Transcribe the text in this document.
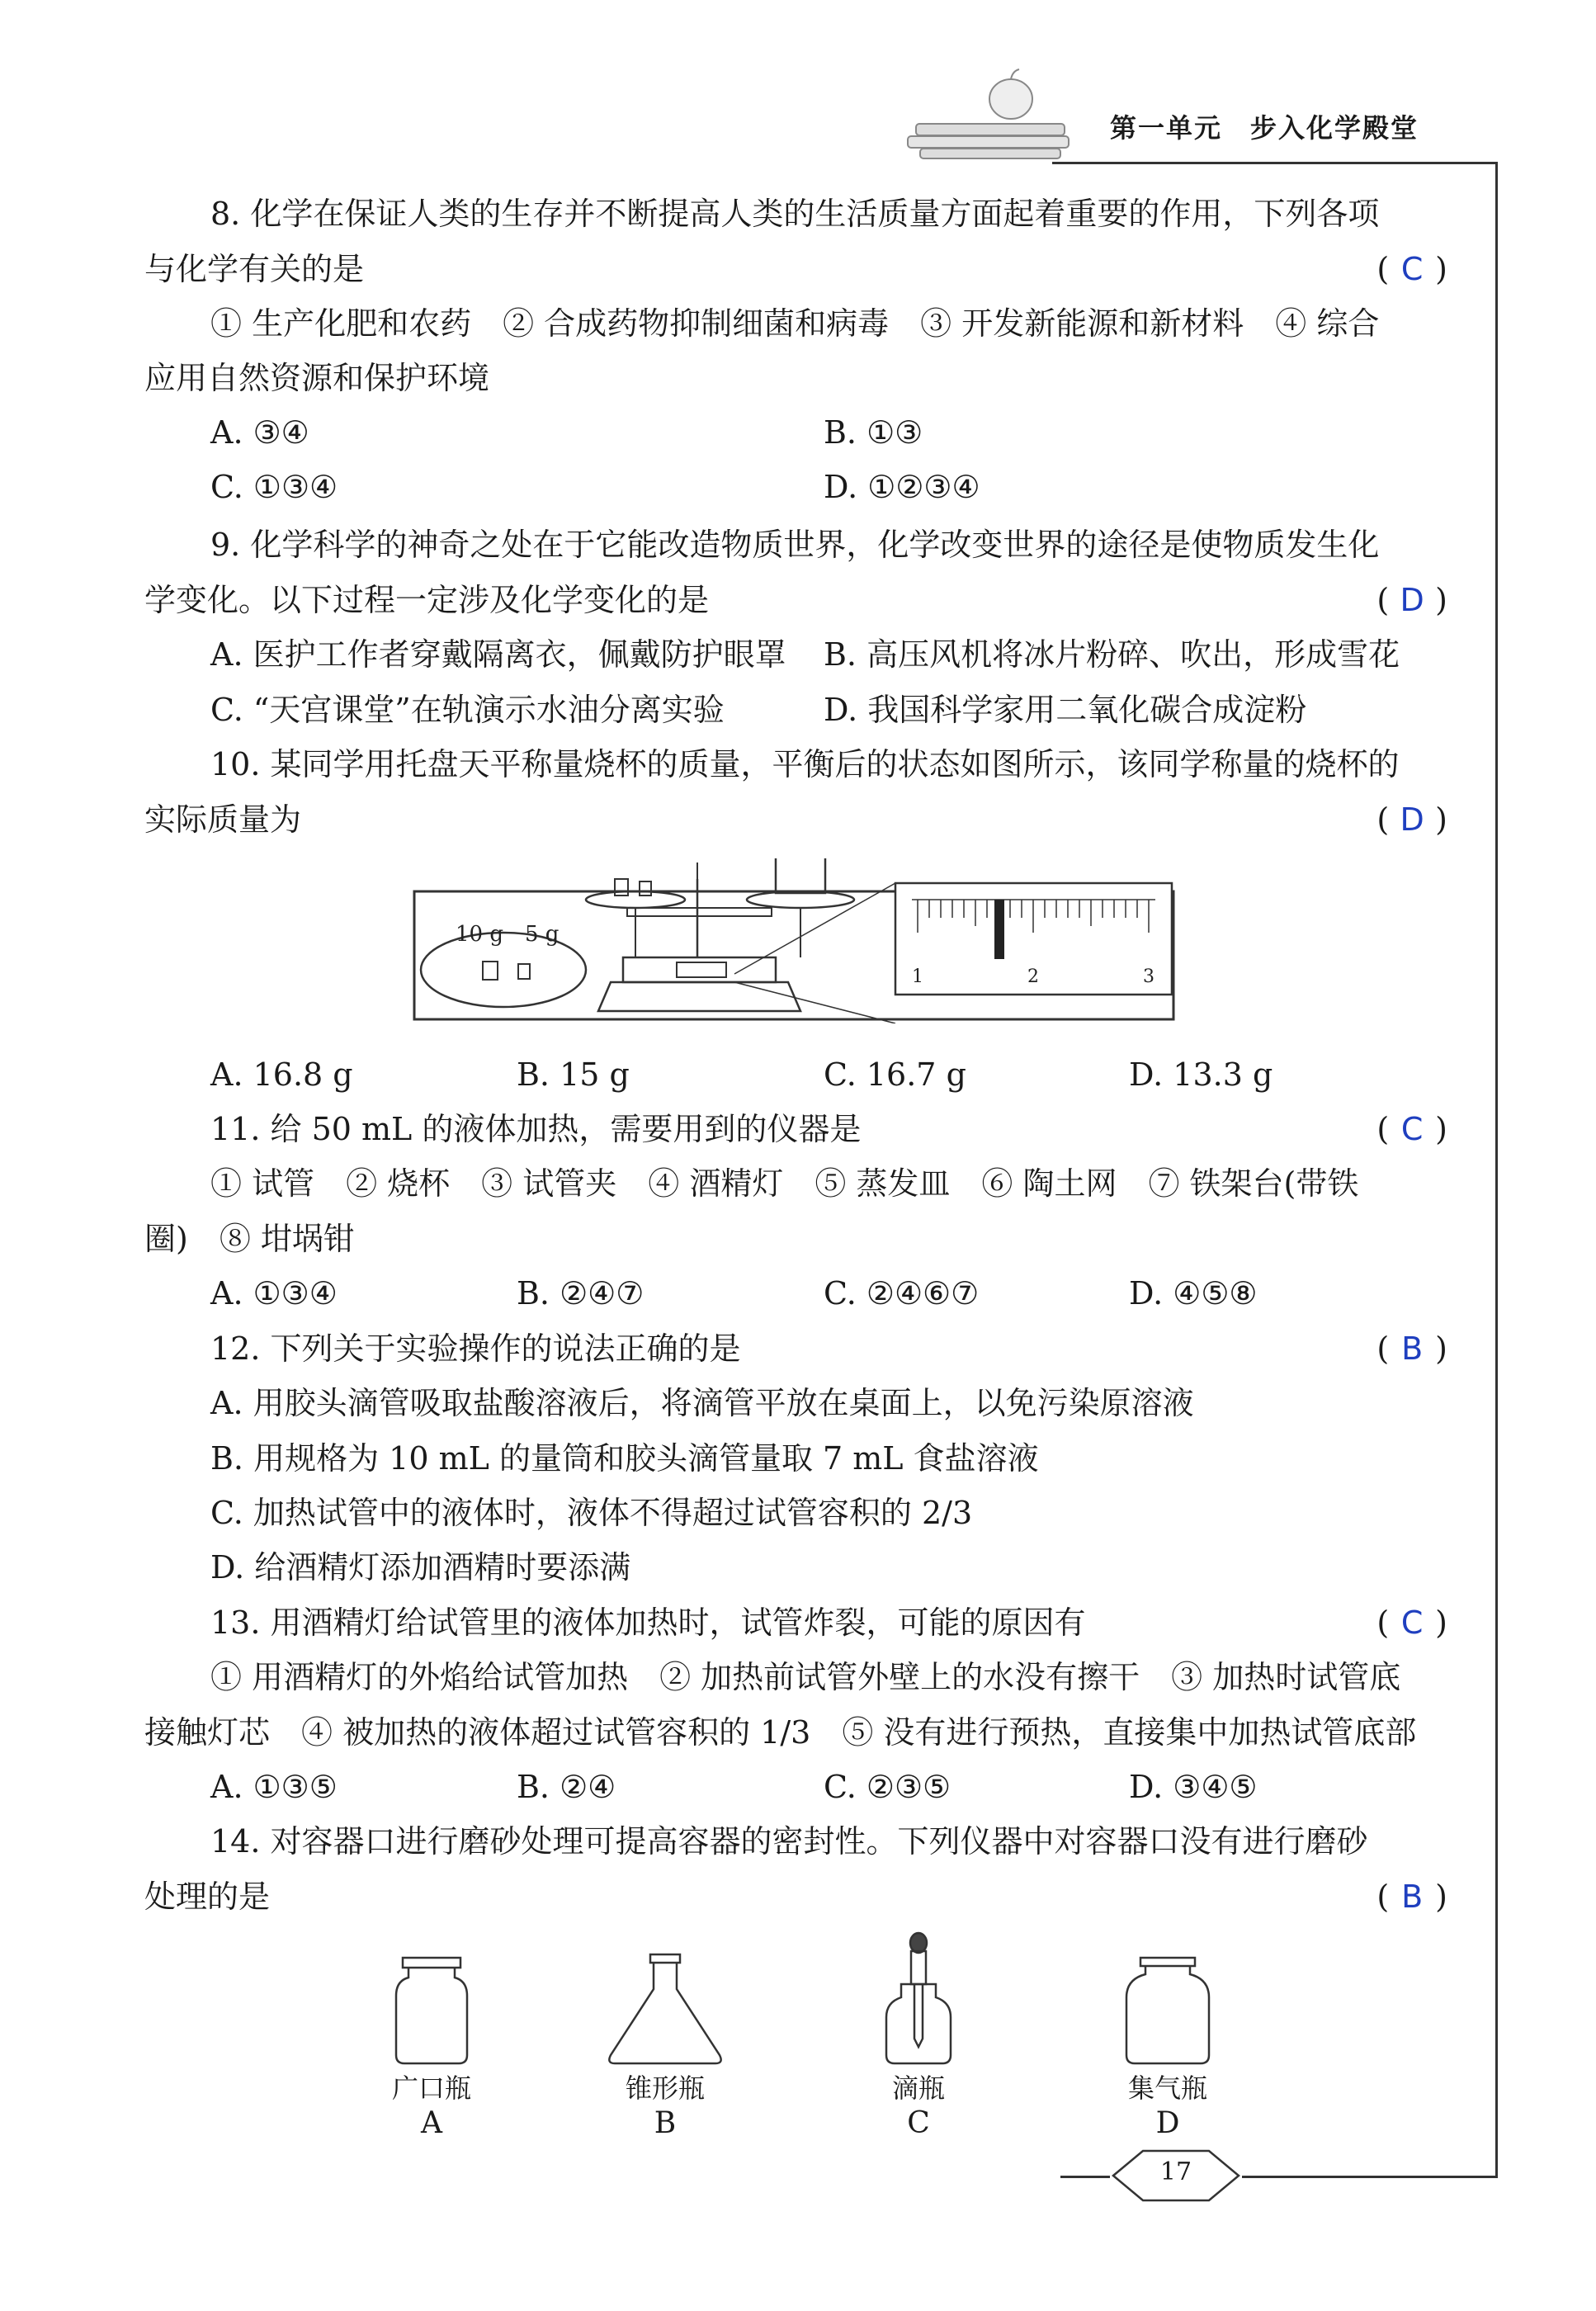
第一单元　步入化学殿堂
8. 化学在保证人类的生存并不断提高人类的生活质量方面起着重要的作用，下列各项
与化学有关的是	( C )
① 生产化肥和农药　② 合成药物抑制细菌和病毒　③ 开发新能源和新材料　④ 综合
应用自然资源和保护环境
A. ③④	B. ①③
C. ①③④	D. ①②③④
9. 化学科学的神奇之处在于它能改造物质世界，化学改变世界的途径是使物质发生化
学变化。以下过程一定涉及化学变化的是	( D )
A. 医护工作者穿戴隔离衣，佩戴防护眼罩 B. 高压风机将冰片粉碎、吹出，形成雪花
C. “天宫课堂”在轨演示水油分离实验	D. 我国科学家用二氧化碳合成淀粉
10. 某同学用托盘天平称量烧杯的质量，平衡后的状态如图所示，该同学称量的烧杯的
实际质量为	( D )
10 g　5 g
1	2	3
A. 16.8 g	B. 15 g	C. 16.7 g	D. 13.3 g
11. 给 50 mL 的液体加热，需要用到的仪器是	( C )
① 试管　② 烧杯　③ 试管夹　④ 酒精灯　⑤ 蒸发皿　⑥ 陶土网　⑦ 铁架台(带铁
圈)　⑧ 坩埚钳
A. ①③④	B. ②④⑦	C. ②④⑥⑦	D. ④⑤⑧
12. 下列关于实验操作的说法正确的是	( B )
A. 用胶头滴管吸取盐酸溶液后，将滴管平放在桌面上，以免污染原溶液
B. 用规格为 10 mL 的量筒和胶头滴管量取 7 mL 食盐溶液
C. 加热试管中的液体时，液体不得超过试管容积的 2/3
D. 给酒精灯添加酒精时要添满
13. 用酒精灯给试管里的液体加热时，试管炸裂，可能的原因有	( C )
① 用酒精灯的外焰给试管加热　② 加热前试管外壁上的水没有擦干　③ 加热时试管底
接触灯芯　④ 被加热的液体超过试管容积的 1/3　⑤ 没有进行预热，直接集中加热试管底部
A. ①③⑤	B. ②④	C. ②③⑤	D. ③④⑤
14. 对容器口进行磨砂处理可提高容器的密封性。下列仪器中对容器口没有进行磨砂
处理的是	( B )
广口瓶
A
锥形瓶
B
滴瓶
C
集气瓶
D
17
